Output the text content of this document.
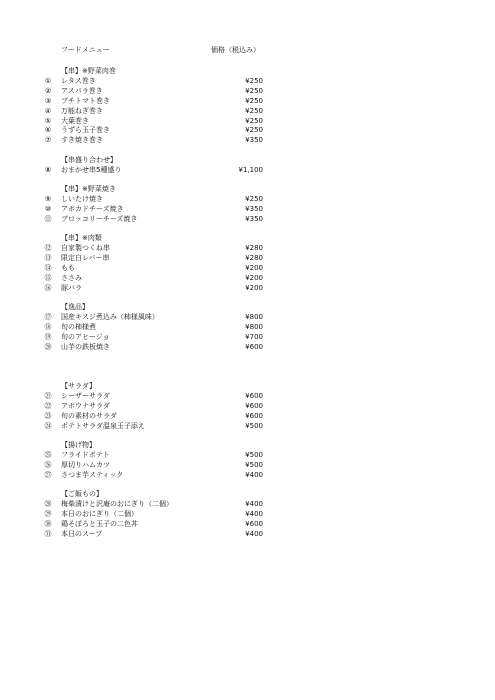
フードメニュー	価格（税込み）
【串】※野菜肉巻
①	レタス巻き	¥250
②	アスパラ巻き	¥250
③	プチトマト巻き	¥250
④	万能ねぎ巻き	¥250
⑤	大葉巻き	¥250
⑥	うずら玉子巻き	¥250
⑦	すき焼き巻き	¥350
【串盛り合わせ】
⑧	おまかせ串5種盛り	¥1,100
【串】※野菜焼き
⑨	しいたけ焼き	¥250
⑩	アボカドチーズ焼き	¥350
⑪	ブロッコリーチーズ焼き	¥350
【串】※肉類
⑫	自家製つくね串	¥280
⑬	限定白レバー串	¥280
⑭	もも	¥200
⑮	ささみ	¥200
⑯	豚バラ	¥200
【逸品】
⑰	国産キスジ煮込み（柿様風味）	¥800
⑱	旬の柿様煮	¥800
⑲	旬のアヒージョ	¥700
⑳	山芋の鉄板焼き	¥600
【サラダ】
㉑	シーザーサラダ	¥600
㉒	アボウナサラダ	¥600
㉓	旬の素材のサラダ	¥600
㉔	ポテトサラダ温泉玉子添え	¥500
【揚げ物】
㉕	フライドポテト	¥500
㉖	厚切りハムカツ	¥500
㉗	さつま芋スティック	¥400
【ご飯もの】
㉘	梅柴漬けと沢庵のおにぎり（二個）	¥400
㉙	本日のおにぎり（二個）	¥400
㉚	鶏そぼろと玉子の二色丼	¥600
㉛	本日のスープ	¥400
